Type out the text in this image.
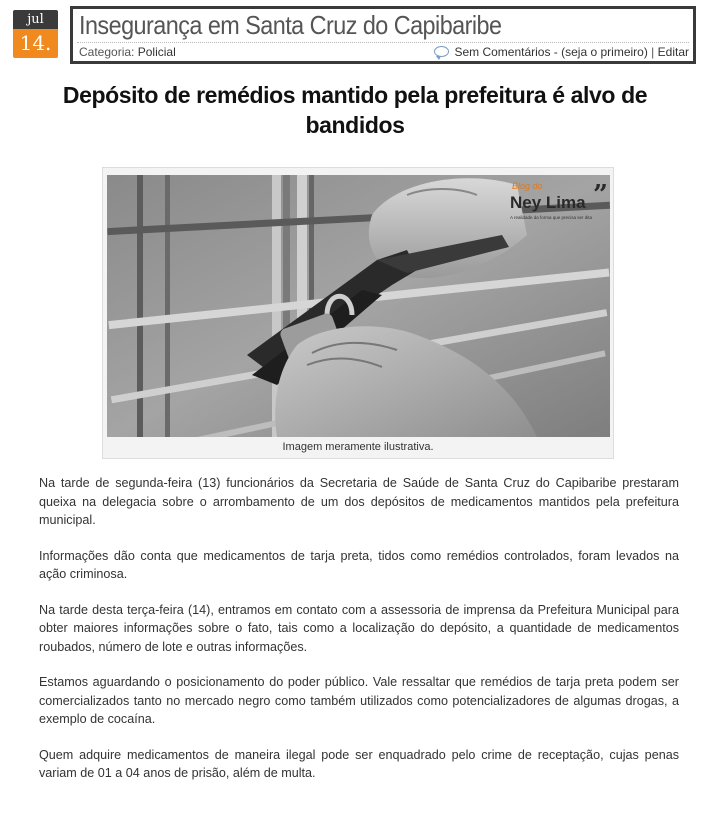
jul
14.
Insegurança em Santa Cruz do Capibaribe
Categoria: Policial	Sem Comentários - (seja o primeiro) | Editar
Depósito de remédios mantido pela prefeitura é alvo de bandidos
Blog do
Ney Lima ”
A realidade da forma que precisa ser dita
Imagem meramente ilustrativa.

Na tarde de segunda-feira (13) funcionários da Secretaria de Saúde de Santa Cruz do Capibaribe prestaram queixa na delegacia sobre o arrombamento de um dos depósitos de medicamentos mantidos pela prefeitura municipal.

Informações dão conta que medicamentos de tarja preta, tidos como remédios controlados, foram levados na ação criminosa.

Na tarde desta terça-feira (14), entramos em contato com a assessoria de imprensa da Prefeitura Municipal para obter maiores informações sobre o fato, tais como a localização do depósito, a quantidade de medicamentos roubados, número de lote e outras informações.

Estamos aguardando o posicionamento do poder público. Vale ressaltar que remédios de tarja preta podem ser comercializados tanto no mercado negro como também utilizados como potencializadores de algumas drogas, a exemplo de cocaína.

Quem adquire medicamentos de maneira ilegal pode ser enquadrado pelo crime de receptação, cujas penas variam de 01 a 04 anos de prisão, além de multa.
